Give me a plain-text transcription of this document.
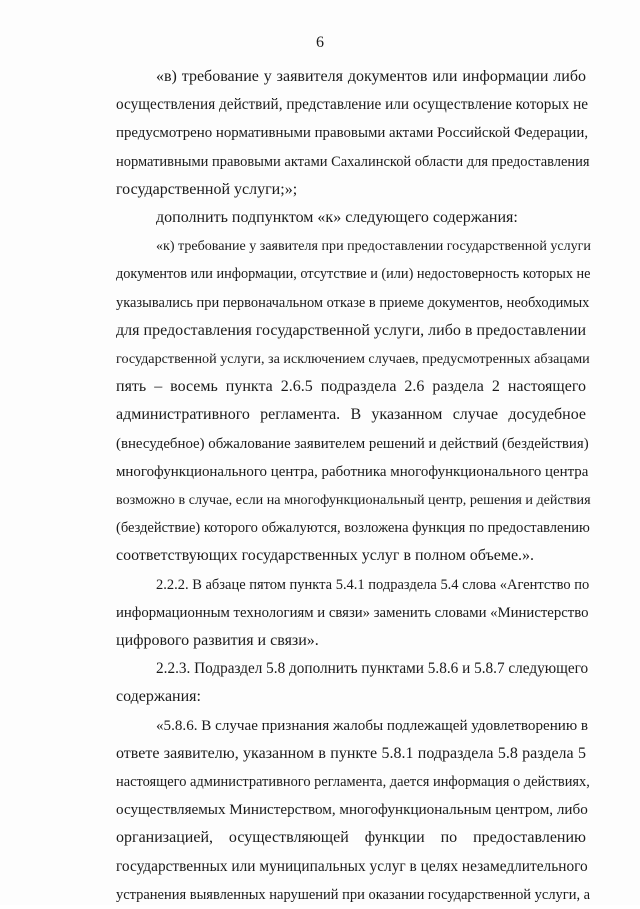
6
«в) требование у заявителя документов или информации либо
осуществления действий, представление или осуществление которых не
предусмотрено нормативными правовыми актами Российской Федерации,
нормативными правовыми актами Сахалинской области для предоставления
государственной услуги;»;
дополнить подпунктом «к» следующего содержания:
«к) требование у заявителя при предоставлении государственной услуги
документов или информации, отсутствие и (или) недостоверность которых не
указывались при первоначальном отказе в приеме документов, необходимых
для предоставления государственной услуги, либо в предоставлении
государственной услуги, за исключением случаев, предусмотренных абзацами
пять – восемь пункта 2.6.5 подраздела 2.6 раздела 2 настоящего
административного регламента. В указанном случае досудебное
(внесудебное) обжалование заявителем решений и действий (бездействия)
многофункционального центра, работника многофункционального центра
возможно в случае, если на многофункциональный центр, решения и действия
(бездействие) которого обжалуются, возложена функция по предоставлению
соответствующих государственных услуг в полном объеме.».
2.2.2. В абзаце пятом пункта 5.4.1 подраздела 5.4 слова «Агентство по
информационным технологиям и связи» заменить словами «Министерство
цифрового развития и связи».
2.2.3. Подраздел 5.8 дополнить пунктами 5.8.6 и 5.8.7 следующего
содержания:
«5.8.6. В случае признания жалобы подлежащей удовлетворению в
ответе заявителю, указанном в пункте 5.8.1 подраздела 5.8 раздела 5
настоящего административного регламента, дается информация о действиях,
осуществляемых Министерством, многофункциональным центром, либо
организацией, осуществляющей функции по предоставлению
государственных или муниципальных услуг в целях незамедлительного
устранения выявленных нарушений при оказании государственной услуги, а
